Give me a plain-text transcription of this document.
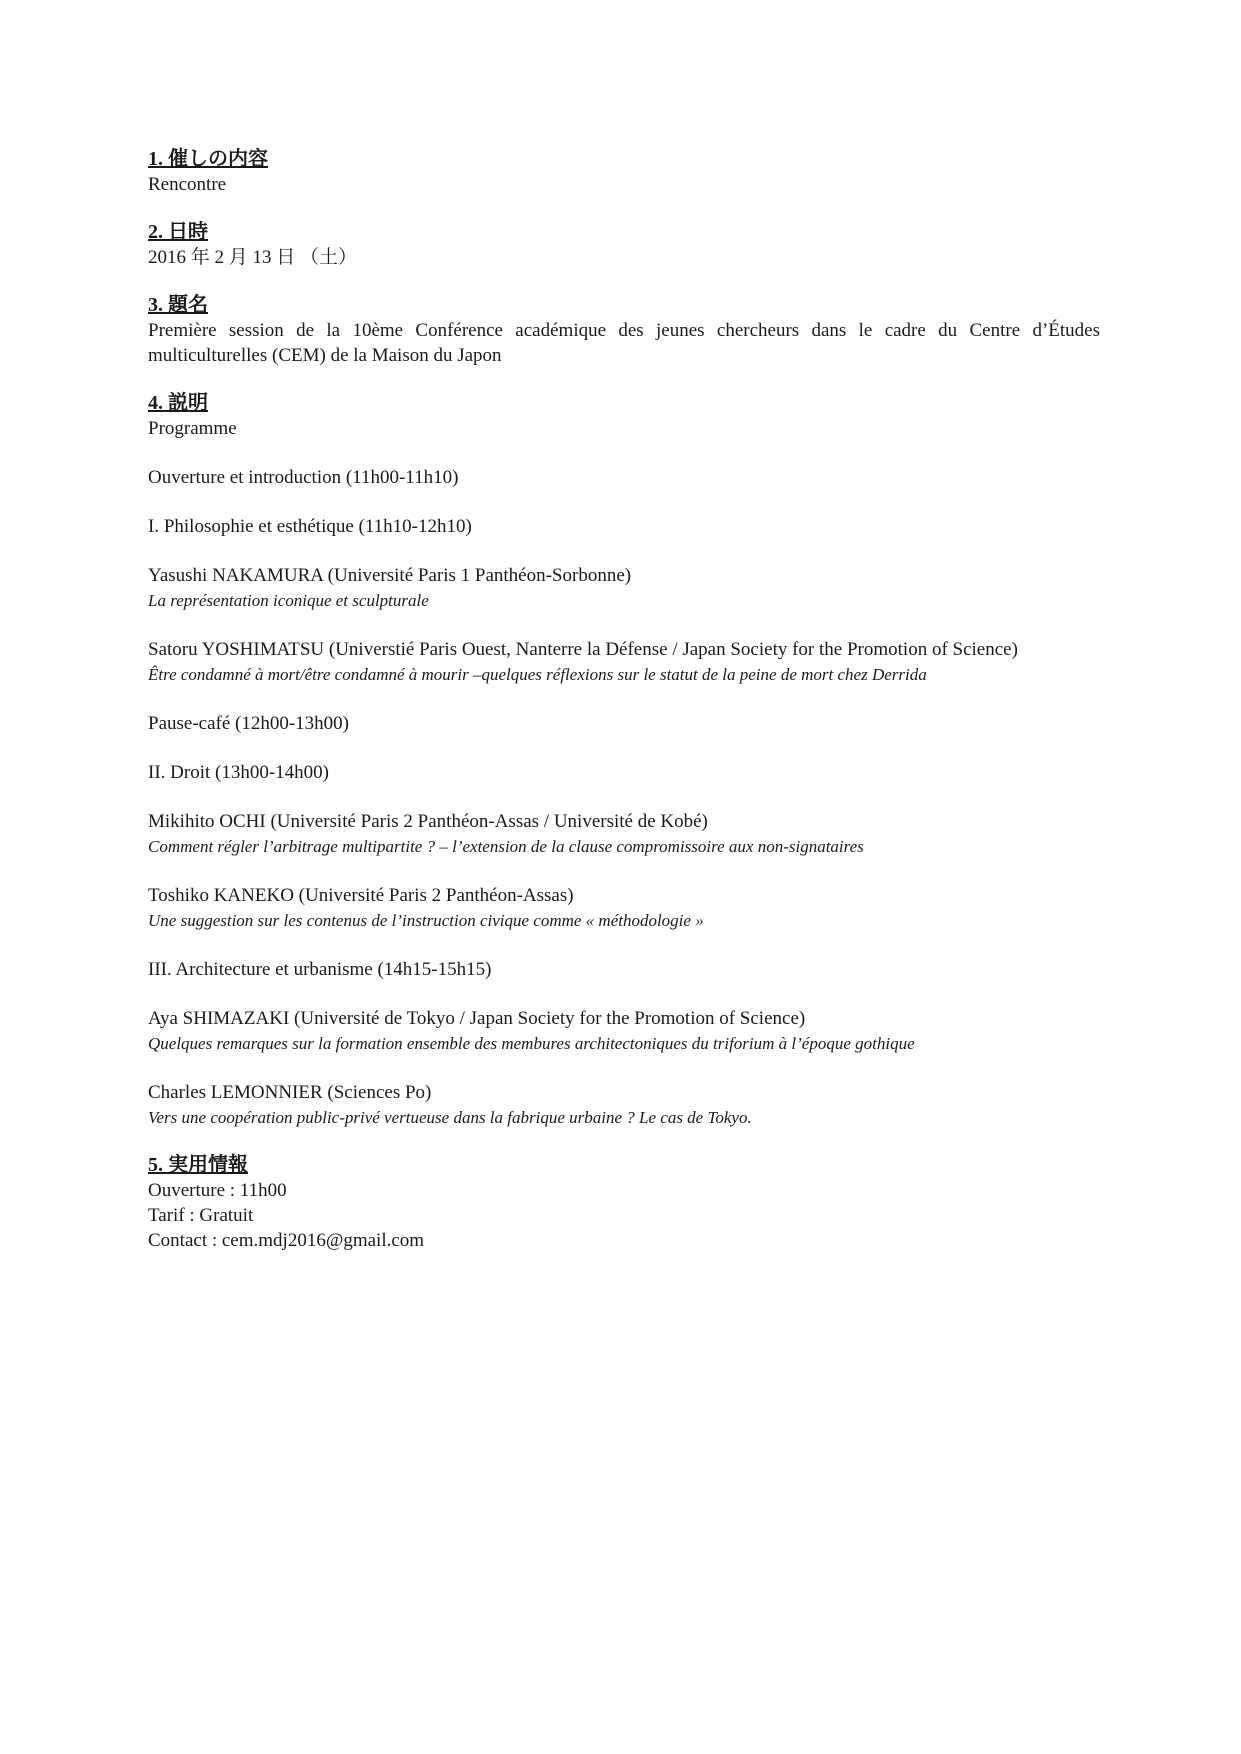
1. 催しの内容

Rencontre

2. 日時

2016 年 2 月 13 日 （土）

3. 題名

Première session de la 10ème Conférence académique des jeunes chercheurs dans le cadre du Centre d’Études multiculturelles (CEM) de la Maison du Japon

4. 説明

Programme

Ouverture et introduction (11h00-11h10)

I. Philosophie et esthétique (11h10-12h10)

Yasushi NAKAMURA (Université Paris 1 Panthéon-Sorbonne)

La représentation iconique et sculpturale

Satoru YOSHIMATSU (Universtié Paris Ouest, Nanterre la Défense / Japan Society for the Promotion of Science)

Être condamné à mort/être condamné à mourir –quelques réflexions sur le statut de la peine de mort chez Derrida

Pause-café (12h00-13h00)

II. Droit (13h00-14h00)

Mikihito OCHI (Université Paris 2 Panthéon-Assas / Université de Kobé)

Comment régler l’arbitrage multipartite ? – l’extension de la clause compromissoire aux non-signataires

Toshiko KANEKO (Université Paris 2 Panthéon-Assas)

Une suggestion sur les contenus de l’instruction civique comme « méthodologie »

III. Architecture et urbanisme (14h15-15h15)

Aya SHIMAZAKI (Université de Tokyo / Japan Society for the Promotion of Science)

Quelques remarques sur la formation ensemble des membures architectoniques du triforium à l’époque gothique

Charles LEMONNIER (Sciences Po)

Vers une coopération public-privé vertueuse dans la fabrique urbaine ? Le cas de Tokyo.

5. 実用情報

Ouverture : 11h00

Tarif : Gratuit

Contact : cem.mdj2016@gmail.com
